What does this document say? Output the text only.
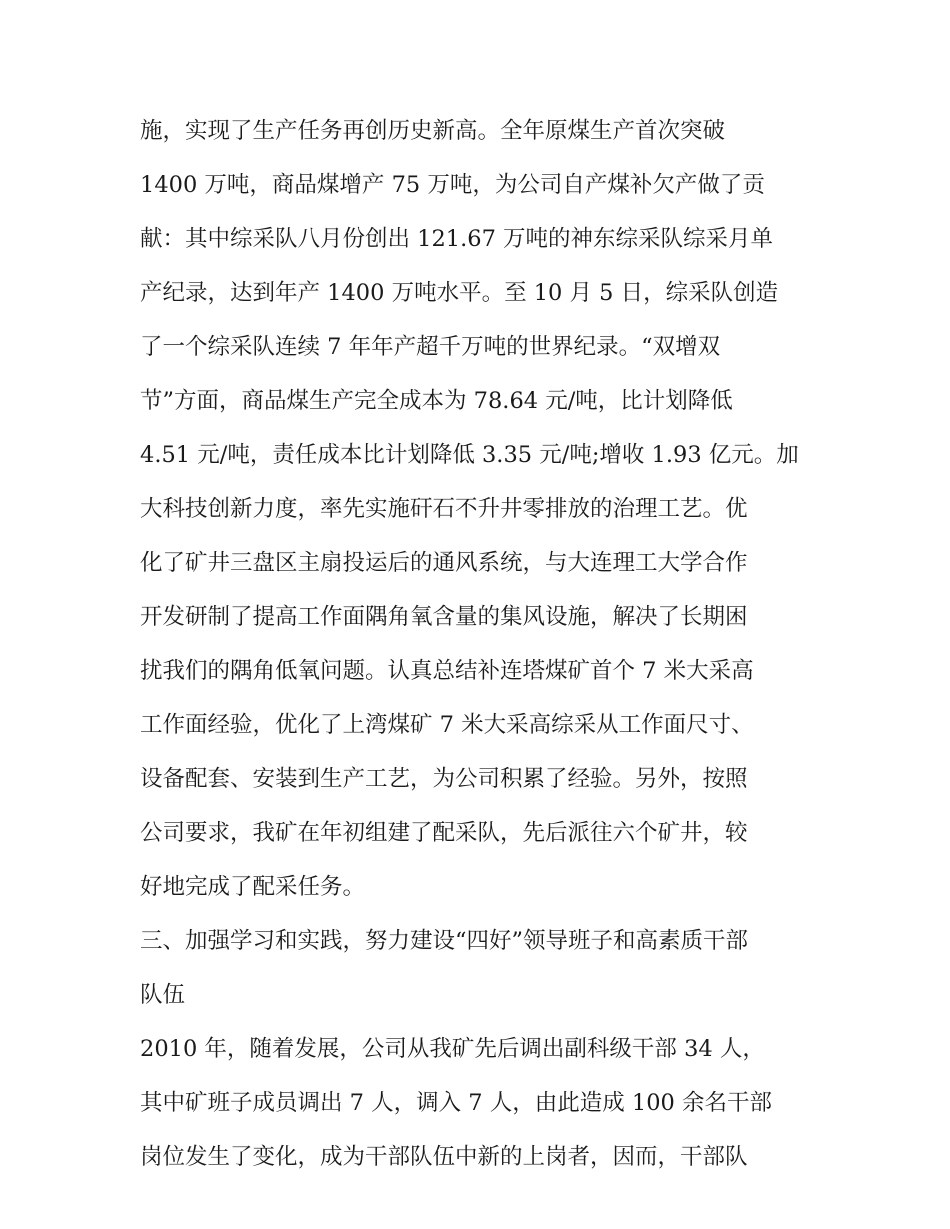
施，实现了生产任务再创历史新高。全年原煤生产首次突破
1400 万吨，商品煤增产 75 万吨，为公司自产煤补欠产做了贡
献：其中综采队八月份创出 121.67 万吨的神东综采队综采月单
产纪录，达到年产 1400 万吨水平。至 10 月 5 日，综采队创造
了一个综采队连续 7 年年产超千万吨的世界纪录。“双增双
节”方面，商品煤生产完全成本为 78.64 元/吨，比计划降低
4.51 元/吨，责任成本比计划降低 3.35 元/吨;增收 1.93 亿元。加
大科技创新力度，率先实施矸石不升井零排放的治理工艺。优
化了矿井三盘区主扇投运后的通风系统，与大连理工大学合作
开发研制了提高工作面隅角氧含量的集风设施，解决了长期困
扰我们的隅角低氧问题。认真总结补连塔煤矿首个 7 米大采高
工作面经验，优化了上湾煤矿 7 米大采高综采从工作面尺寸、
设备配套、安装到生产工艺，为公司积累了经验。另外，按照
公司要求，我矿在年初组建了配采队，先后派往六个矿井，较
好地完成了配采任务。
三、加强学习和实践，努力建设“四好”领导班子和高素质干部
队伍
2010 年，随着发展，公司从我矿先后调出副科级干部 34 人，
其中矿班子成员调出 7 人，调入 7 人，由此造成 100 余名干部
岗位发生了变化，成为干部队伍中新的上岗者，因而，干部队
